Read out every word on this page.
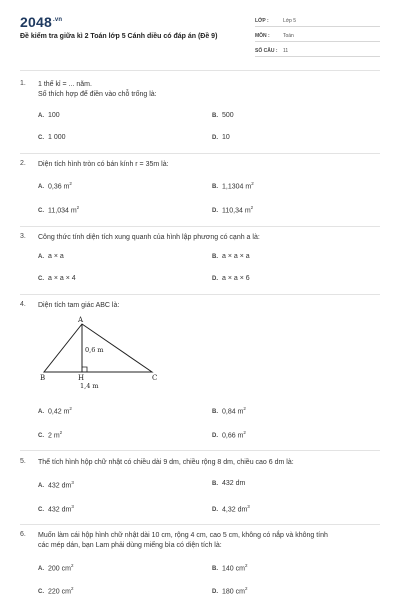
$2048^{.vn}$
Đề kiểm tra giữa kì 2 Toán lớp 5 Cánh diều có đáp án (Đề 9)
LỚP :	Lớp 5
MÔN :	Toán
SỐ CÂU : 11
1. 1 thế kỉ = ... năm.
Số thích hợp để điền vào chỗ trống là:
A. 100	B. 500
C. 1 000	D. 10
2. Diện tích hình tròn có bán kính r = 35m là:
A. 0,36 $m^2$
B. 1,1304 $m^2$
C. 11,034 $m^2$
D. 110,34 $m^2$
3. Công thức tính diện tích xung quanh của hình lập phương có cạnh a là:
A. a × a	B. a × a × a
C. a × a × 4	D. a × a × 6
4. Diện tích tam giác ABC là:
A
B	C
H
0,6 m
1,4 m
A. 0,42 $m^2$
B. 0,84 $m^2$
C. 2 $m^2$
D. 0,66 $m^2$
5. Thể tích hình hộp chữ nhật có chiều dài 9 dm, chiều rộng 8 dm, chiều cao 6 dm là:
A. 432 $dm^3$	B. 432 dm
C. 432 $dm^3$
D. 4,32 $dm^3$
6. Muốn làm cái hộp hình chữ nhật dài 10 cm, rộng 4 cm, cao 5 cm, không có nắp và không tính
các mép dán, bạn Lam phải dùng miếng bìa có diện tích là:
A. 200 $cm^2$
B. 140 $cm^2$
C. 220 $cm^2$
D. 180 $cm^2$
